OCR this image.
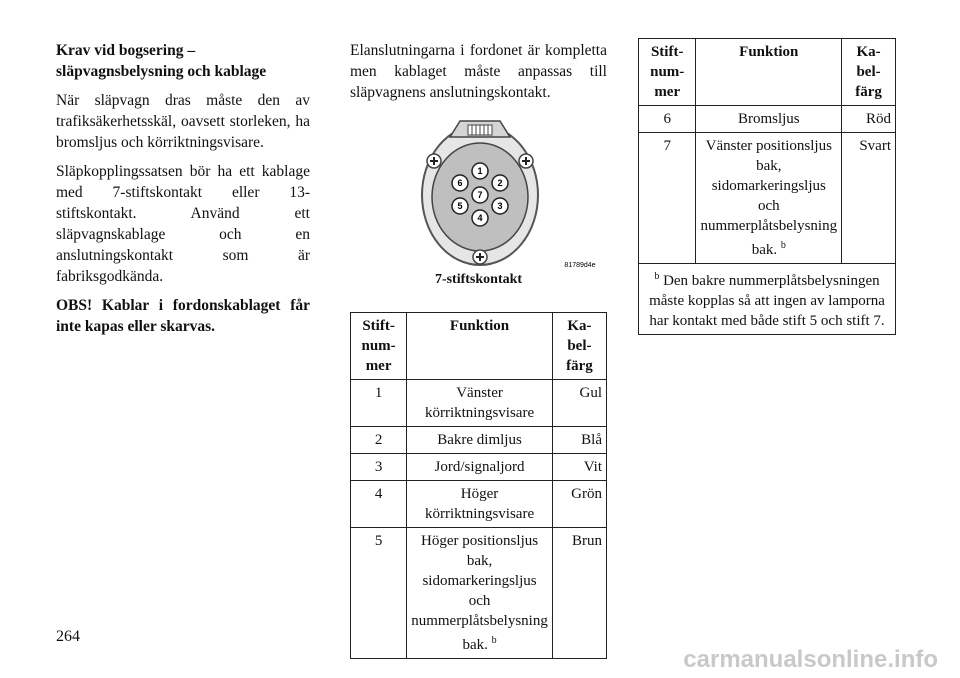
Krav vid bogsering – släpvagnsbelysning och kablage

När släpvagn dras måste den av trafiksäkerhetsskäl, oavsett storleken, ha bromsljus och körriktningsvisare.

Släpkopplingssatsen bör ha ett kablage med 7-stiftskontakt eller 13-stiftskontakt. Använd ett släpvagnskablage och en anslutningskontakt som är fabriksgodkända.

OBS! Kablar i fordonskablaget får inte kapas eller skarvas.

Elanslutningarna i fordonet är kompletta men kablaget måste anpassas till släpvagnens anslutningskontakt.

1
2
3
4
5
6
7
81789d4e
7-stiftskontakt
Stift-num-mer	Funktion	Ka-bel-färg
1	Vänster körriktningsvisare	Gul
2	Bakre dimljus	Blå
3	Jord/signaljord	Vit
4	Höger körriktningsvisare	Grön
5	Höger positionsljus bak, sidomarkeringsljus och nummerplåtsbelysning bak. $^b$	Brun
Stift-num-mer	Funktion	Ka-bel-färg
6	Bromsljus	Röd
7	Vänster positionsljus bak, sidomarkeringsljus och nummerplåtsbelysning bak. $^b$	Svart
$^b$ Den bakre nummerplåtsbelysningen måste kopplas så att ingen av lamporna har kontakt med både stift 5 och stift 7.		
264
carmanualsonline.info
